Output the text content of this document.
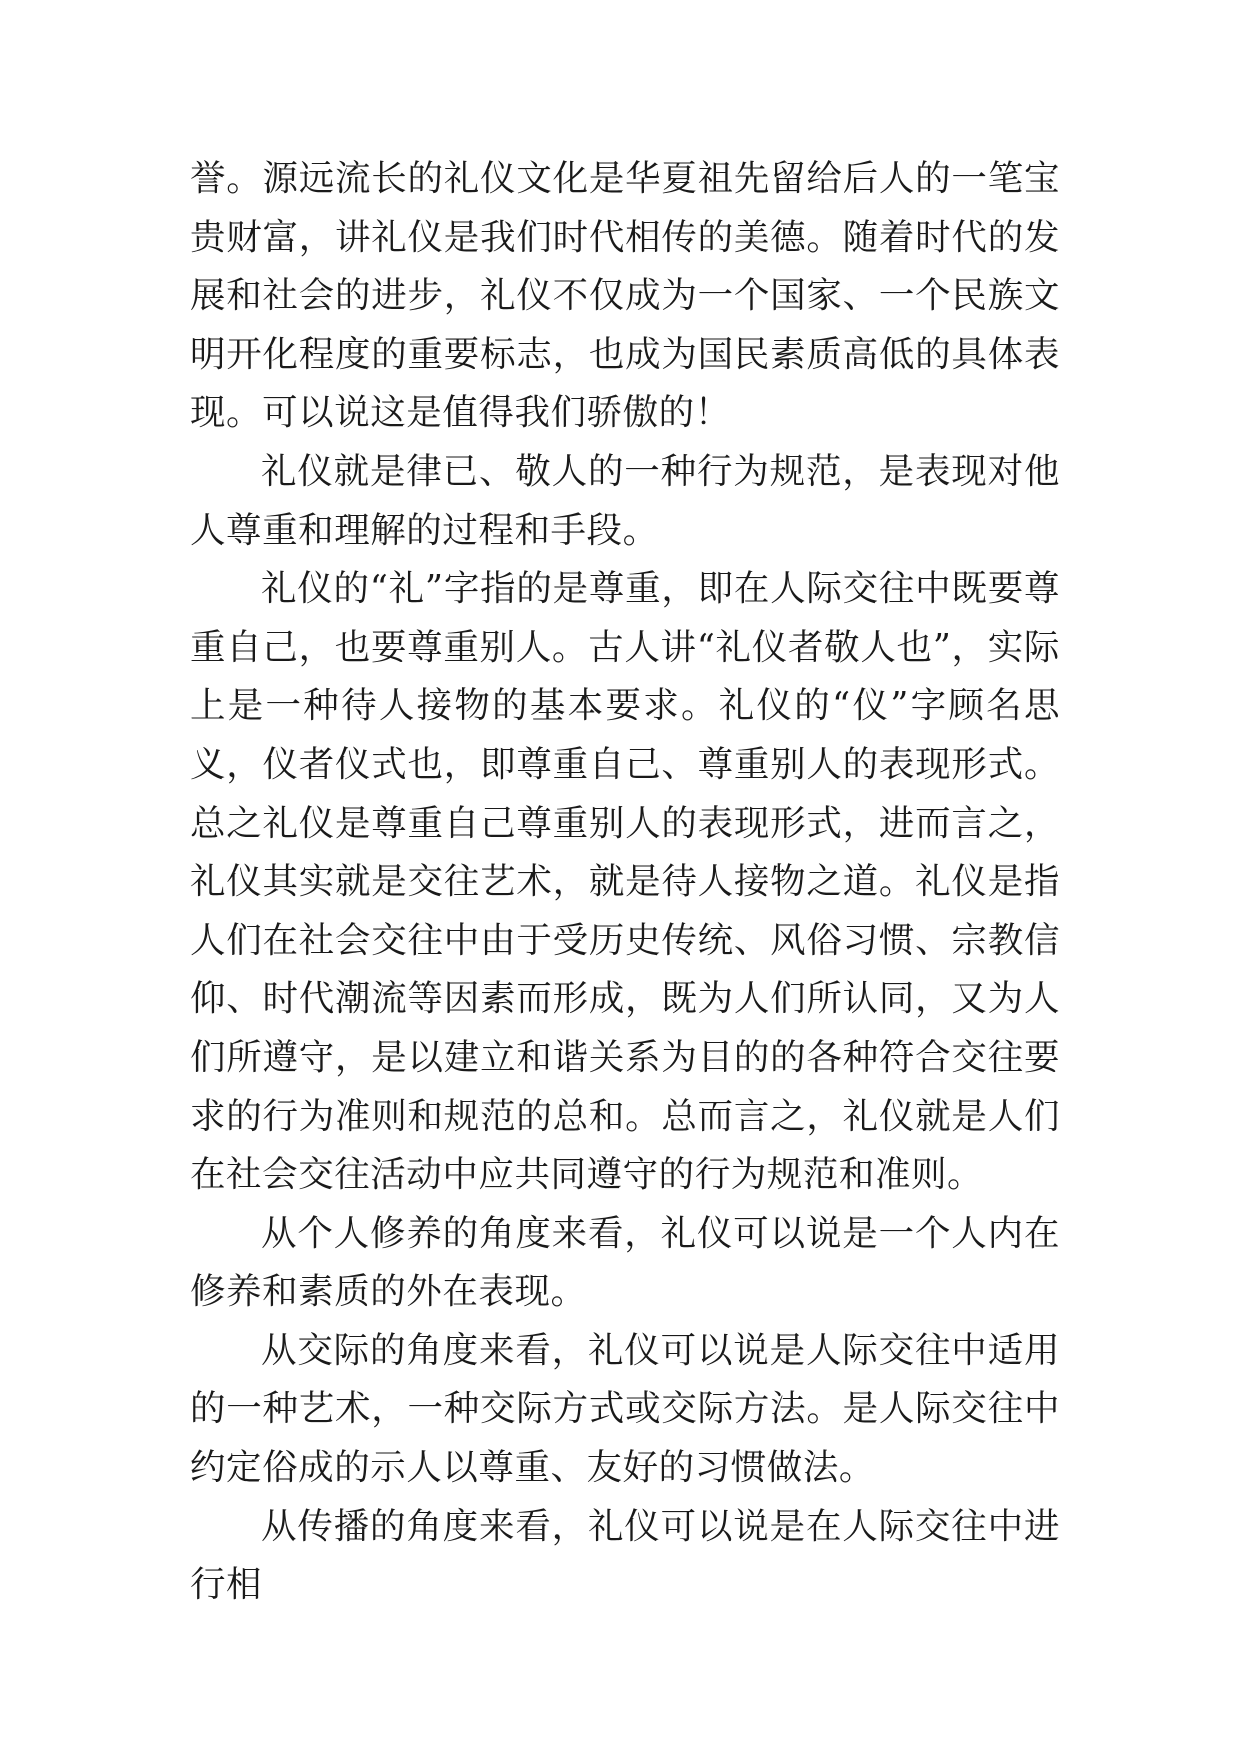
誉。源远流长的礼仪文化是华夏祖先留给后人的一笔宝贵财富，讲礼仪是我们时代相传的美德。随着时代的发展和社会的进步，礼仪不仅成为一个国家、一个民族文明开化程度的重要标志，也成为国民素质高低的具体表现。可以说这是值得我们骄傲的！

礼仪就是律已、敬人的一种行为规范，是表现对他人尊重和理解的过程和手段。

礼仪的“礼”字指的是尊重，即在人际交往中既要尊重自己，也要尊重别人。古人讲“礼仪者敬人也”，实际上是一种待人接物的基本要求。礼仪的“仪”字顾名思义，仪者仪式也，即尊重自己、尊重别人的表现形式。总之礼仪是尊重自己尊重别人的表现形式，进而言之，礼仪其实就是交往艺术，就是待人接物之道。礼仪是指人们在社会交往中由于受历史传统、风俗习惯、宗教信仰、时代潮流等因素而形成，既为人们所认同，又为人们所遵守，是以建立和谐关系为目的的各种符合交往要求的行为准则和规范的总和。总而言之，礼仪就是人们在社会交往活动中应共同遵守的行为规范和准则。

从个人修养的角度来看，礼仪可以说是一个人内在修养和素质的外在表现。

从交际的角度来看，礼仪可以说是人际交往中适用的一种艺术，一种交际方式或交际方法。是人际交往中约定俗成的示人以尊重、友好的习惯做法。

从传播的角度来看，礼仪可以说是在人际交往中进行相
